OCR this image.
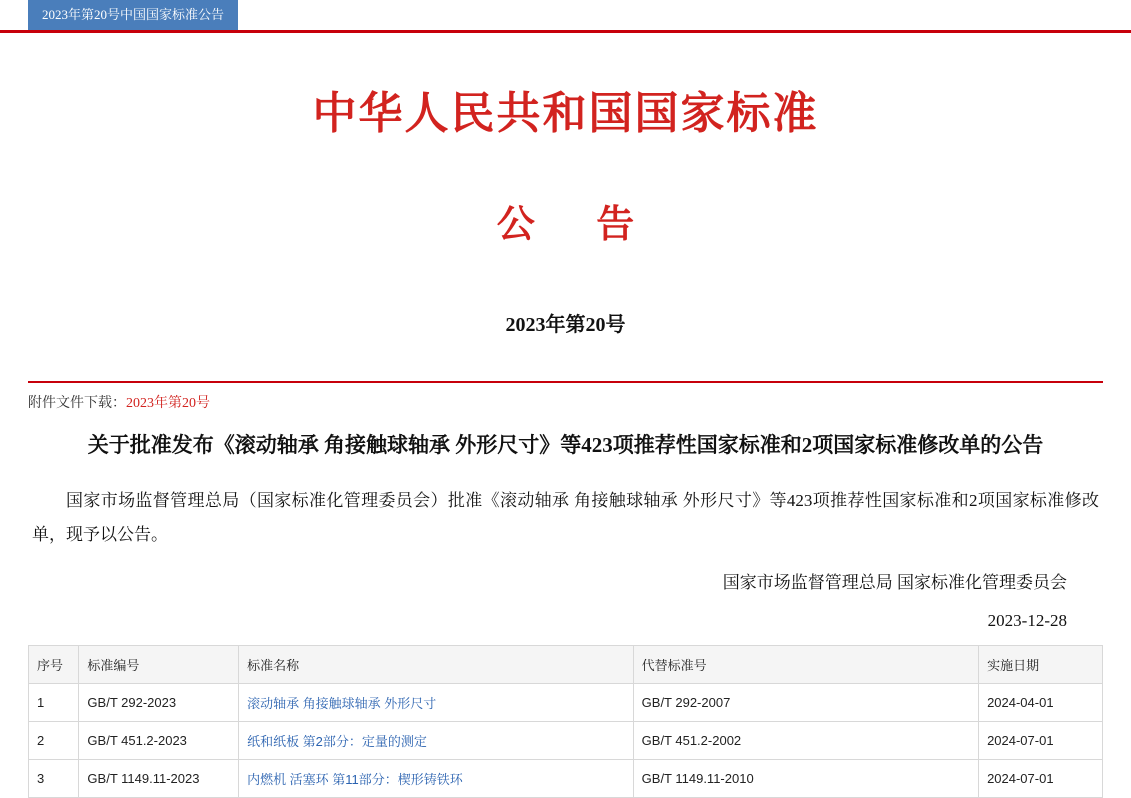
2023年第20号中国国家标准公告
中华人民共和国国家标准
公 告
2023年第20号
附件文件下载：2023年第20号
关于批准发布《滚动轴承 角接触球轴承 外形尺寸》等423项推荐性国家标准和2项国家标准修改单的公告
国家市场监督管理总局（国家标准化管理委员会）批准《滚动轴承 角接触球轴承 外形尺寸》等423项推荐性国家标准和2项国家标准修改单，现予以公告。
国家市场监督管理总局 国家标准化管理委员会
2023-12-28
序号	标准编号	标准名称	代替标准号	实施日期
1	GB/T 292-2023	滚动轴承 角接触球轴承 外形尺寸	GB/T 292-2007	2024-04-01
2	GB/T 451.2-2023	纸和纸板 第2部分：定量的测定	GB/T 451.2-2002	2024-07-01
3	GB/T 1149.11-2023	内燃机 活塞环 第11部分：楔形铸铁环	GB/T 1149.11-2010	2024-07-01
